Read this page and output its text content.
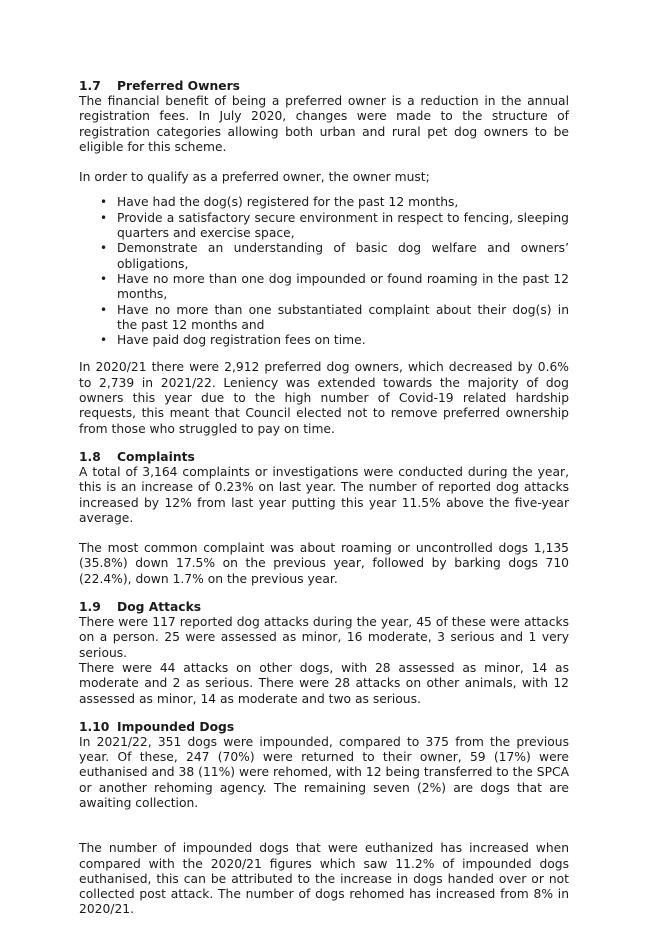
1.7	Preferred Owners

The financial benefit of being a preferred owner is a reduction in the annual registration fees. In July 2020, changes were made to the structure of registration categories allowing both urban and rural pet dog owners to be eligible for this scheme.

In order to qualify as a preferred owner, the owner must;

• Have had the dog(s) registered for the past 12 months,
• Provide a satisfactory secure environment in respect to fencing, sleeping quarters and exercise space,
• Demonstrate an understanding of basic dog welfare and owners’ obligations,
• Have no more than one dog impounded or found roaming in the past 12 months,
• Have no more than one substantiated complaint about their dog(s) in the past 12 months and
• Have paid dog registration fees on time.

In 2020/21 there were 2,912 preferred dog owners, which decreased by 0.6% to 2,739 in 2021/22. Leniency was extended towards the majority of dog owners this year due to the high number of Covid-19 related hardship requests, this meant that Council elected not to remove preferred ownership from those who struggled to pay on time.

1.8	Complaints

A total of 3,164 complaints or investigations were conducted during the year, this is an increase of 0.23% on last year. The number of reported dog attacks increased by 12% from last year putting this year 11.5% above the five-year average.

The most common complaint was about roaming or uncontrolled dogs 1,135 (35.8%) down 17.5% on the previous year, followed by barking dogs 710 (22.4%), down 1.7% on the previous year.

1.9	Dog Attacks

There were 117 reported dog attacks during the year, 45 of these were attacks on a person. 25 were assessed as minor, 16 moderate, 3 serious and 1 very serious.

There were 44 attacks on other dogs, with 28 assessed as minor, 14 as moderate and 2 as serious. There were 28 attacks on other animals, with 12 assessed as minor, 14 as moderate and two as serious.

1.10 Impounded Dogs

In 2021/22, 351 dogs were impounded, compared to 375 from the previous year. Of these, 247 (70%) were returned to their owner, 59 (17%) were euthanised and 38 (11%) were rehomed, with 12 being transferred to the SPCA or another rehoming agency. The remaining seven (2%) are dogs that are awaiting collection.

The number of impounded dogs that were euthanized has increased when compared with the 2020/21 figures which saw 11.2% of impounded dogs euthanised, this can be attributed to the increase in dogs handed over or not collected post attack. The number of dogs rehomed has increased from 8% in 2020/21.
